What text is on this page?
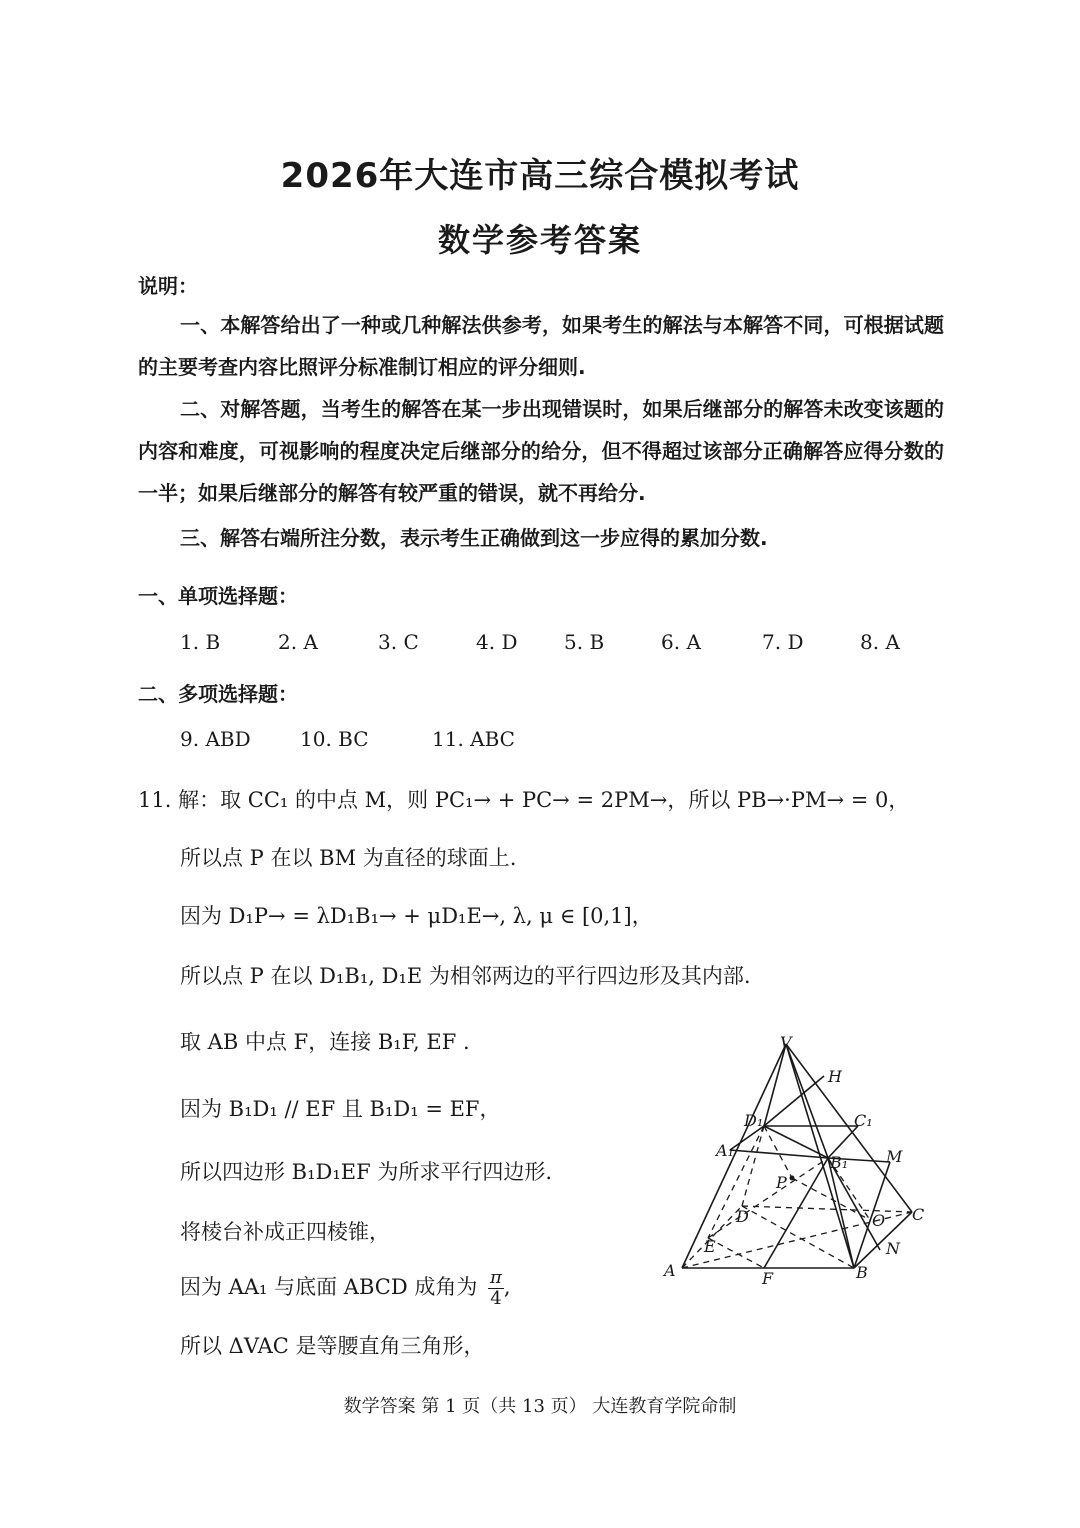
2026年大连市高三综合模拟考试
数学参考答案
说明：
一、本解答给出了一种或几种解法供参考，如果考生的解法与本解答不同，可根据试题的主要考查内容比照评分标准制订相应的评分细则.
二、对解答题，当考生的解答在某一步出现错误时，如果后继部分的解答未改变该题的内容和难度，可视影响的程度决定后继部分的给分，但不得超过该部分正确解答应得分数的一半；如果后继部分的解答有较严重的错误，就不再给分.
三、解答右端所注分数，表示考生正确做到这一步应得的累加分数.
一、单项选择题：
1. B	2. A	3. C	4. D 5. B	6. A	7. D	8. A
二、多项选择题：
9. ABD 10. BC	11. ABC
11. 解：取 CC₁ 的中点 M，则 PC₁→ + PC→ = 2PM→，所以 PB→·PM→ = 0，
所以点 P 在以 BM 为直径的球面上.
因为 D₁P→ = λD₁B₁→ + μD₁E→, λ, μ ∈ [0,1]，
所以点 P 在以 D₁B₁, D₁E 为相邻两边的平行四边形及其内部.
取 AB 中点 F，连接 B₁F, EF .
因为 B₁D₁ // EF 且 B₁D₁ = EF，
所以四边形 B₁D₁EF 为所求平行四边形.
将棱台补成正四棱锥，
因为 AA₁ 与底面 ABCD 成角为 $\frac{\pi}{4}$ ,
所以 ΔVAC 是等腰直角三角形，
V
H
D₁	C₁
A₁
B₁ M
P
D	O C
E	N
A	F	B
数学答案 第 1 页（共 13 页） 大连教育学院命制
